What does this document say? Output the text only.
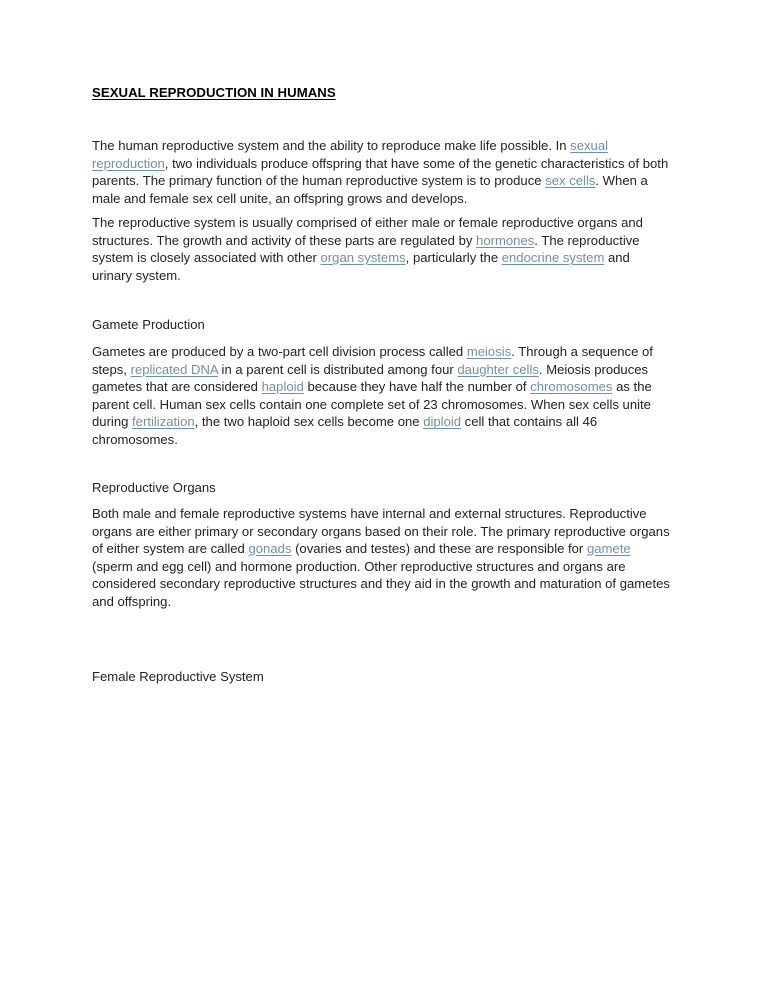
SEXUAL REPRODUCTION IN HUMANS

The human reproductive system and the ability to reproduce make life possible. In sexual reproduction, two individuals produce offspring that have some of the genetic characteristics of both parents. The primary function of the human reproductive system is to produce sex cells. When a male and female sex cell unite, an offspring grows and develops.

The reproductive system is usually comprised of either male or female reproductive organs and structures. The growth and activity of these parts are regulated by hormones. The reproductive system is closely associated with other organ systems, particularly the endocrine system and urinary system.

Gamete Production

Gametes are produced by a two-part cell division process called meiosis. Through a sequence of steps, replicated DNA in a parent cell is distributed among four daughter cells. Meiosis produces gametes that are considered haploid because they have half the number of chromosomes as the parent cell. Human sex cells contain one complete set of 23 chromosomes. When sex cells unite during fertilization, the two haploid sex cells become one diploid cell that contains all 46 chromosomes.

Reproductive Organs

Both male and female reproductive systems have internal and external structures. Reproductive organs are either primary or secondary organs based on their role. The primary reproductive organs of either system are called gonads (ovaries and testes) and these are responsible for gamete (sperm and egg cell) and hormone production. Other reproductive structures and organs are considered secondary reproductive structures and they aid in the growth and maturation of gametes and offspring.

Female Reproductive System
